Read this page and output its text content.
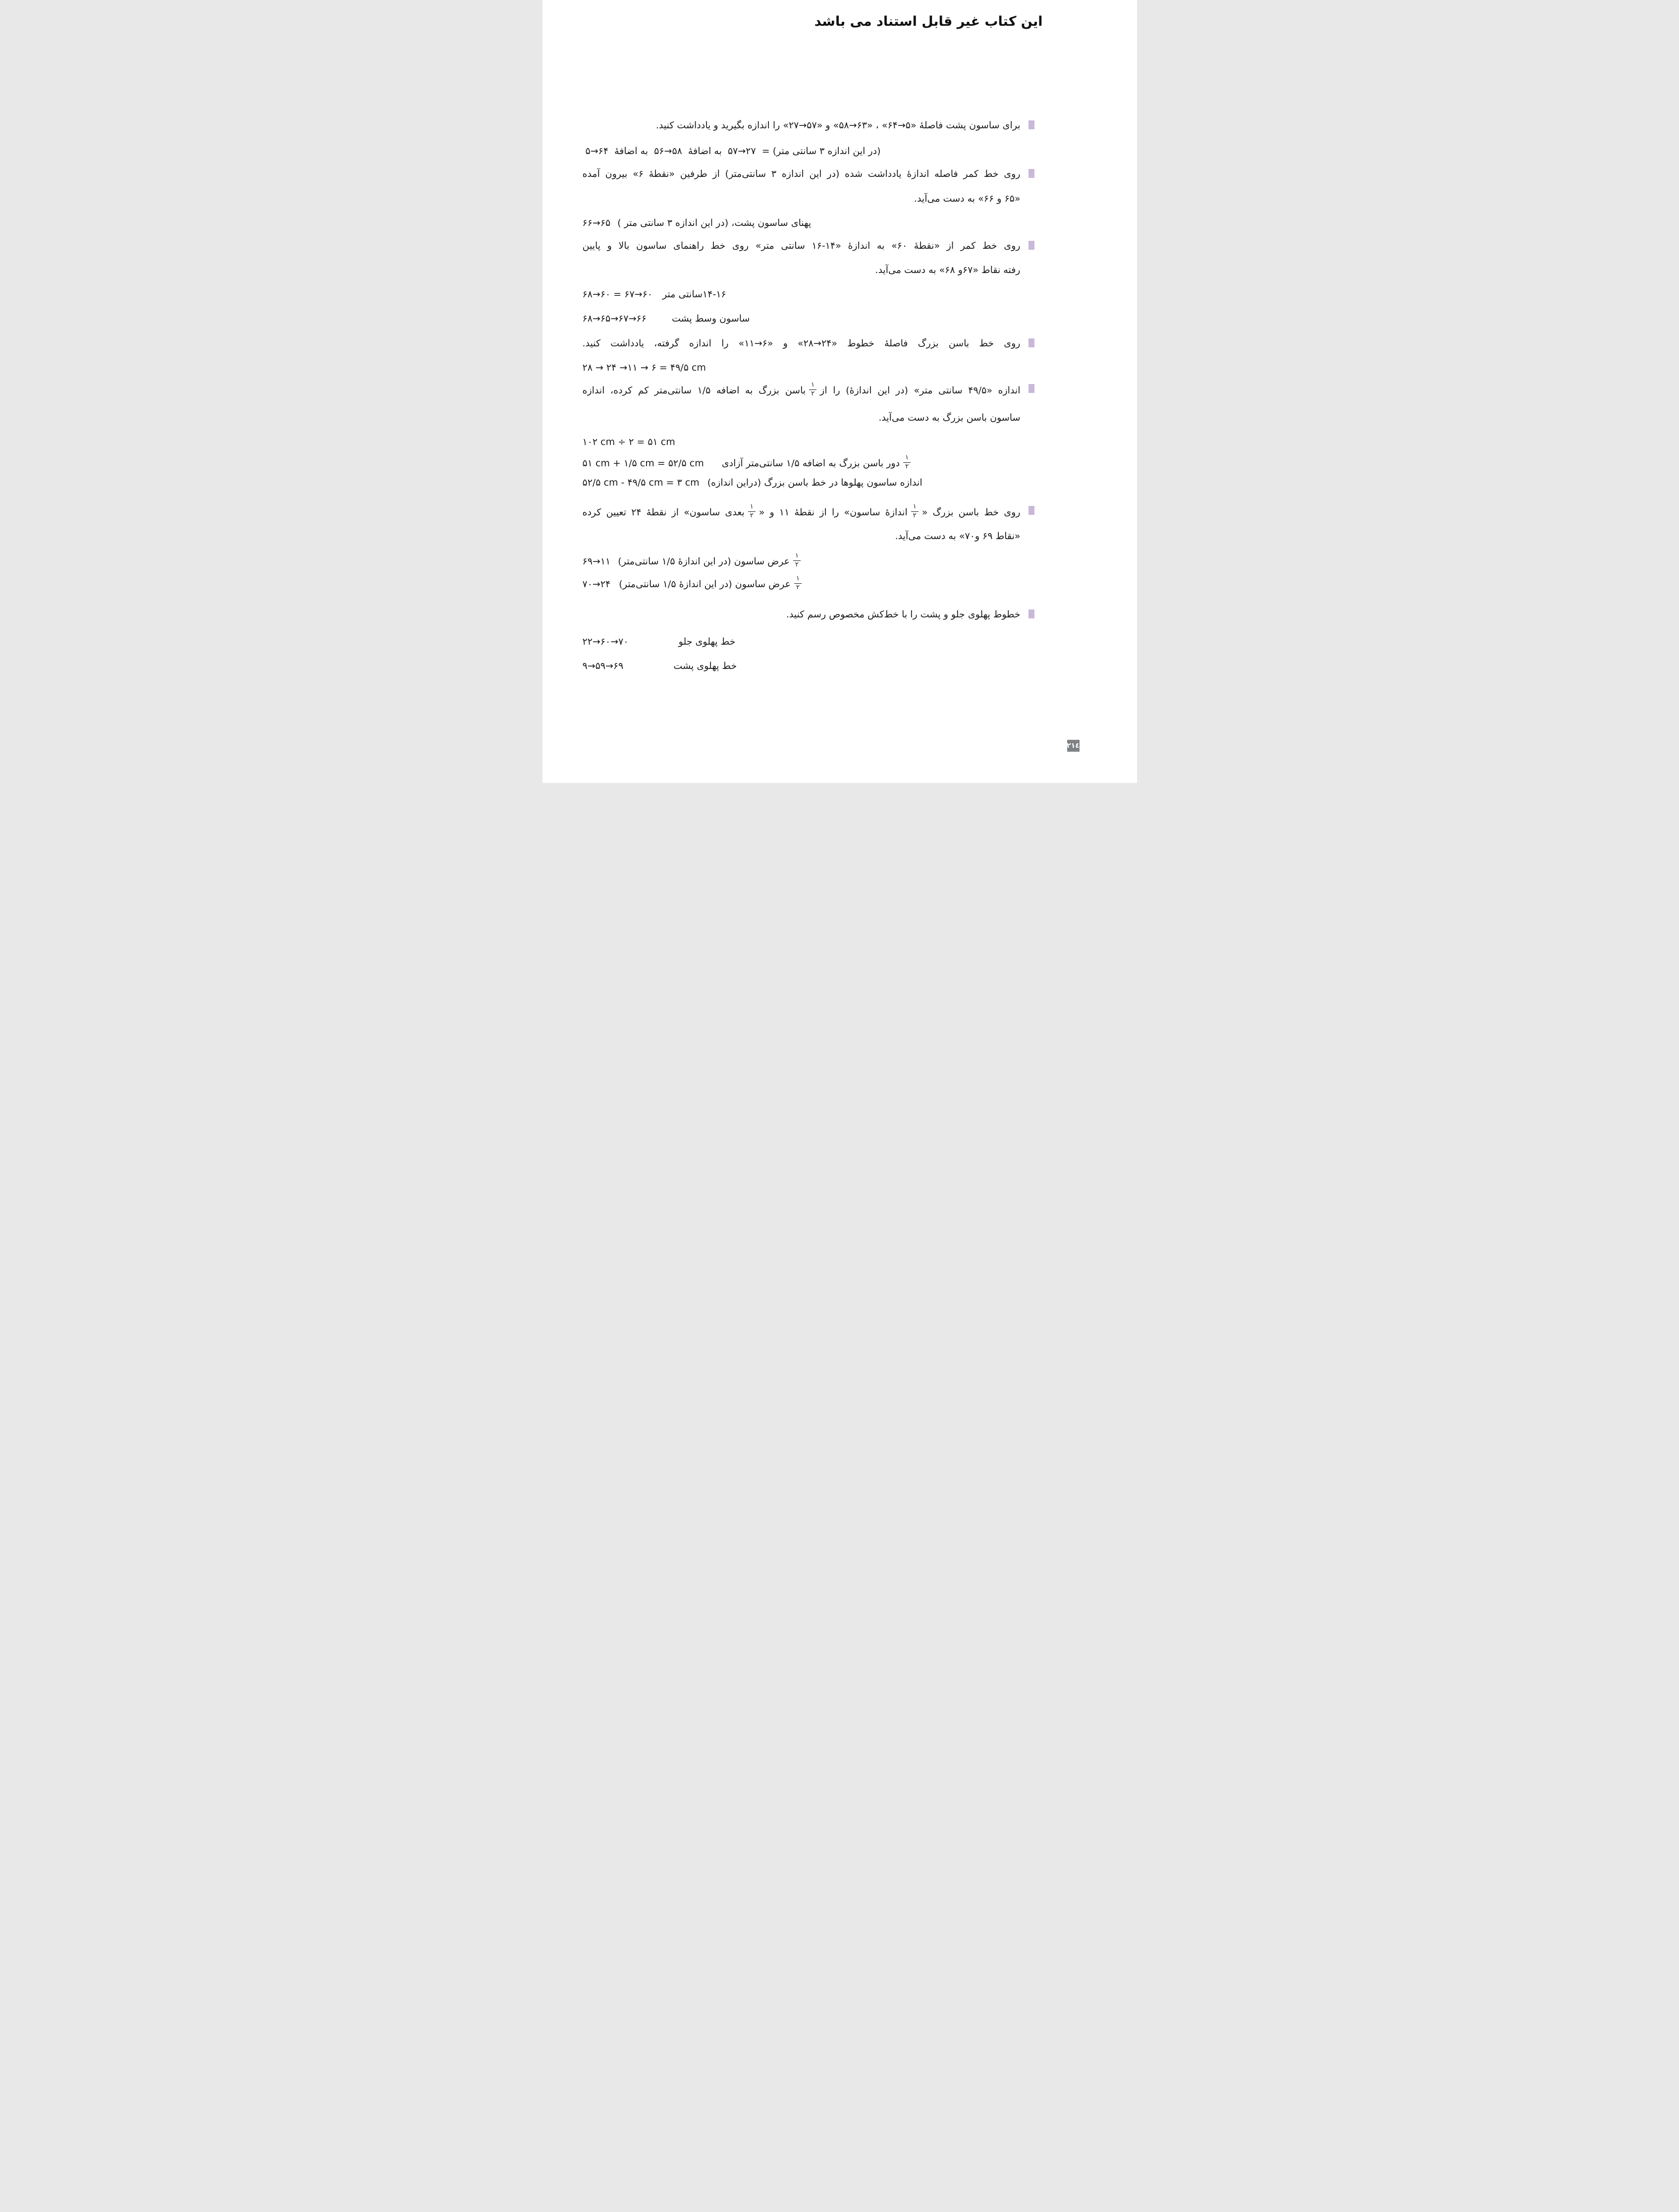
این کتاب غیر قابل استناد می باشد
برای ساسون پشت فاصلهٔ «۵→۶۴» ، «۶۳→۵۸» و «۵۷→۲۷» را اندازه بگیرید و یادداشت کنید.
(در این اندازه ۳ سانتی متر) = ۵۷→۲۷ به اضافهٔ ۵۶→۵۸ به اضافهٔ ۵→۶۴
روی خط کمر فاصله اندازهٔ یادداشت شده (در این اندازه ۳ سانتی‌متر) از طرفین «نقطهٔ ۶» بیرون آمده
«۶۵ و ۶۶» به دست می‌آید.
پهنای ساسون پشت، (در این اندازه ۳ سانتی متر ) ۶۶→۶۵
روی خط کمر از «نقطهٔ ۶۰» به اندازهٔ «۱۴-۱۶ سانتی متر» روی خط راهنمای ساسون بالا و پایین
رفته نقاط «۶۷و ۶۸» به دست می‌آید.
۱۴-۱۶سانتی متر ۶۸→۶۰ = ۶۷→۶۰
ساسون وسط پشت ۶۸→۶۵→۶۷→۶۶
روی خط باسن بزرگ فاصلهٔ خطوط «۲۴→۲۸» و «۶→۱۱» را اندازه گرفته، یادداشت کنید.
۲۸ → ۲۴ →۱۱ → ۶ = ۴۹/۵ cm
اندازه «۴۹/۵ سانتی متر» (در این اندازهٔ) را از
$\frac{۱}{۲}$
باسن بزرگ به اضافه ۱/۵ سانتی‌متر کم کرده، اندازه
ساسون باسن بزرگ به دست می‌آید.
۱۰۲ cm ÷ ۲ = ۵۱ cm
$\frac{۱}{۲}$
دور باسن بزرگ به اضافه ۱/۵ سانتی‌متر آزادی ۵۱ cm + ۱/۵ cm = ۵۲/۵ cm
اندازه ساسون پهلوها در خط باسن بزرگ (دراین اندازه) ۵۲/۵ cm - ۴۹/۵ cm = ۳ cm
روی خط باسن بزرگ «
$\frac{۱}{۲}$
اندازهٔ ساسون» را از نقطهٔ ۱۱ و «
$\frac{۱}{۲}$
بعدی ساسون» از نقطهٔ ۲۴ تعیین کرده
«نقاط ۶۹ و۷۰» به دست می‌آید.
$\frac{۱}{۲}$
عرض ساسون (در این اندازهٔ ۱/۵ سانتی‌متر) ۶۹→۱۱
$\frac{۱}{۲}$
عرض ساسون (در این اندازهٔ ۱/۵ سانتی‌متر) ۷۰→۲۴
خطوط پهلوی جلو و پشت را با خط‌کش مخصوص رسم کنید.
خط پهلوی جلو ۲۲→۶۰→۷۰
خط پهلوی پشت ۹→۵۹→۶۹
٢١٤
